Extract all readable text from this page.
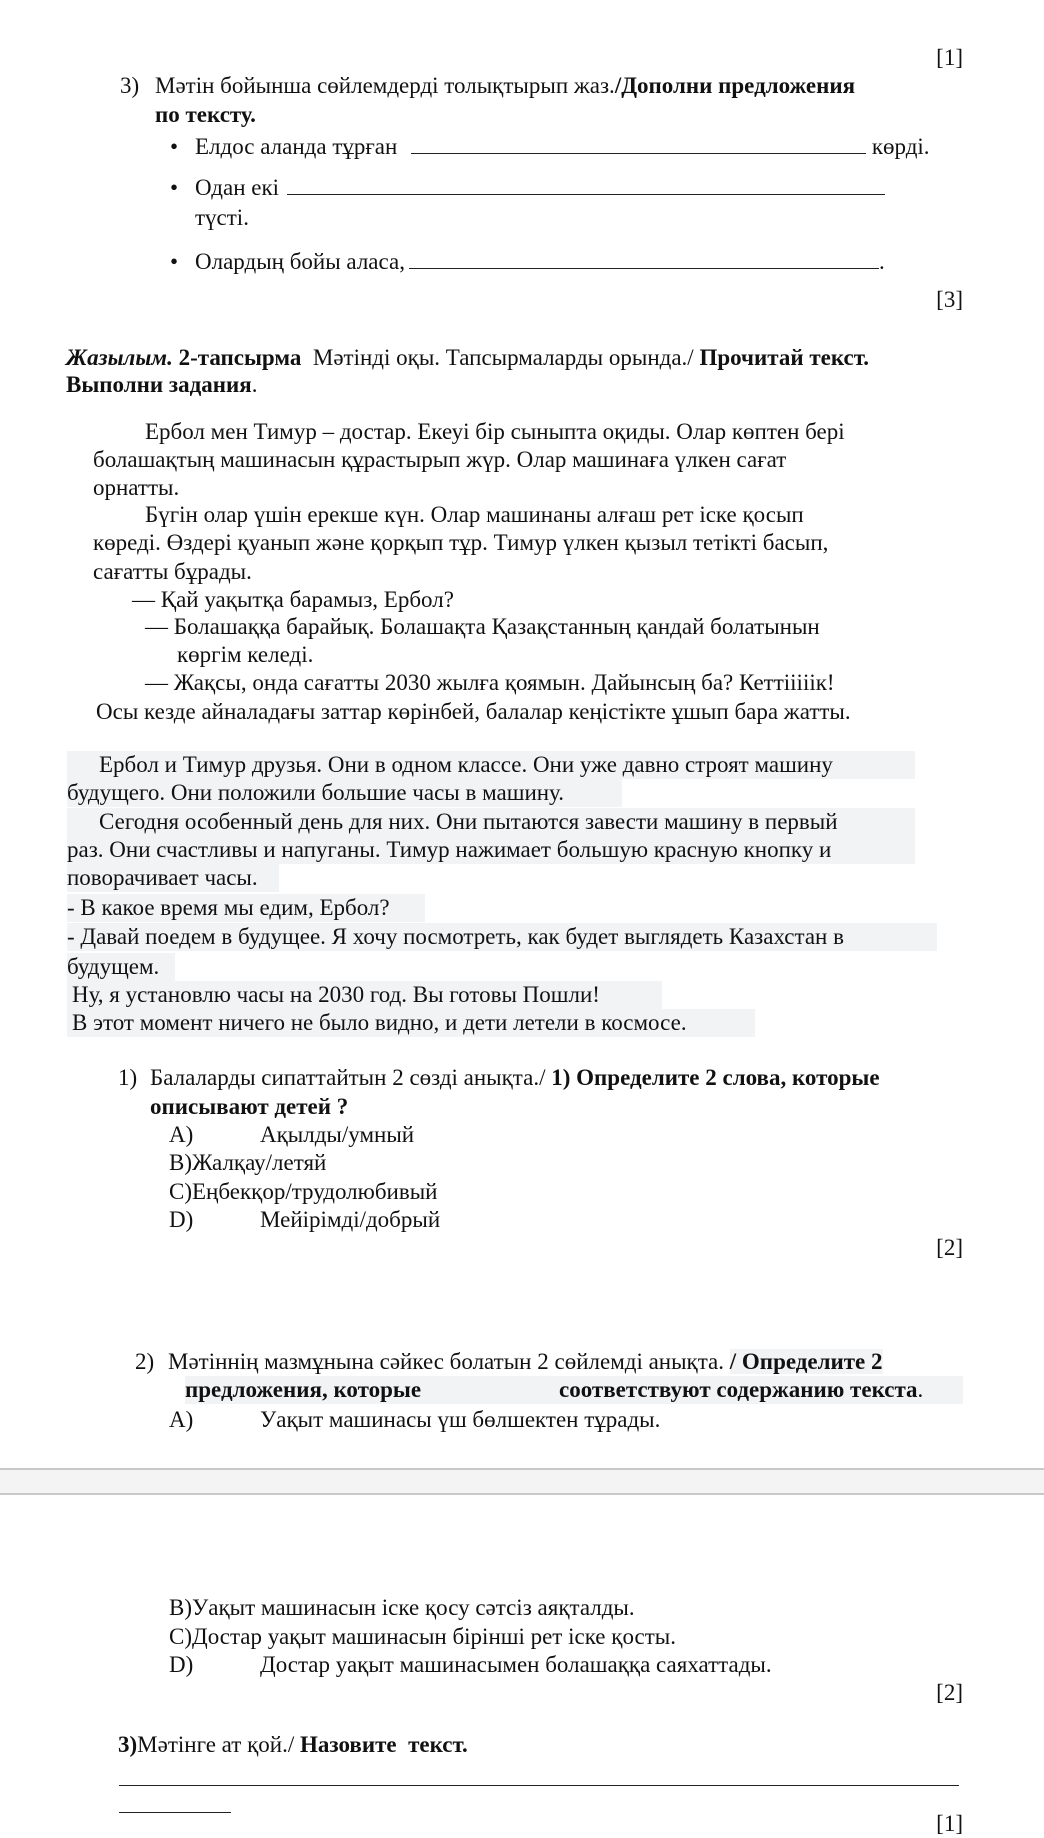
[1]
3) Мәтін бойынша сөйлемдерді толықтырып жаз./Дополни предложения
по тексту.
• Елдос аланда тұрған	көрді.
• Одан екі
түсті.
• Олардың бойы аласа,	.
[3]
Жазылым. 2-тапсырма Мәтінді оқы. Тапсырмаларды орында./ Прочитай текст.
Выполни задания.
Ербол мен Тимур – достар. Екеуі бір сыныпта оқиды. Олар көптен бері
болашақтың машинасын құрастырып жүр. Олар машинаға үлкен сағат
орнатты.
Бүгін олар үшін ерекше күн. Олар машинаны алғаш рет іске қосып
көреді. Өздері қуанып және қорқып тұр. Тимур үлкен қызыл тетікті басып,
сағатты бұрады.
— Қай уақытқа барамыз, Ербол?
— Болашаққа барайық. Болашақта Қазақстанның қандай болатынын
көргім келеді.
— Жақсы, онда сағатты 2030 жылға қоямын. Дайынсың ба? Кеттііііік!
Осы кезде айналадағы заттар көрінбей, балалар кеңістікте ұшып бара жатты.
Ербол и Тимур друзья. Они в одном классе. Они уже давно строят машину
будущего. Они положили большие часы в машину.
Сегодня особенный день для них. Они пытаются завести машину в первый
раз. Они счастливы и напуганы. Тимур нажимает большую красную кнопку и
поворачивает часы.
- В какое время мы едим, Ербол?
- Давай поедем в будущее. Я хочу посмотреть, как будет выглядеть Казахстан в
будущем.
Ну, я установлю часы на 2030 год. Вы готовы Пошли!
В этот момент ничего не было видно, и дети летели в космосе.
1) Балаларды сипаттайтын 2 сөзді анықта./ 1) Определите 2 слова, которые
описывают детей ?
A)	Ақылды/умный
B)Жалқау/летяй
C)Еңбекқор/трудолюбивый
D)	Мейірімді/добрый
[2]
2) Мәтіннің мазмұнына сәйкес болатын 2 сөйлемді анықта. / Определите 2
предложения, которые	соответствуют содержанию текста.
A)	Уақыт машинасы үш бөлшектен тұрады.
B)Уақыт машинасын іске қосу сәтсіз аяқталды.
C)Достар уақыт машинасын бірінші рет іске қосты.
D)	Достар уақыт машинасымен болашаққа саяхаттады.
[2]
3)Мәтінге ат қой./ Назовите  текст.
[1]
